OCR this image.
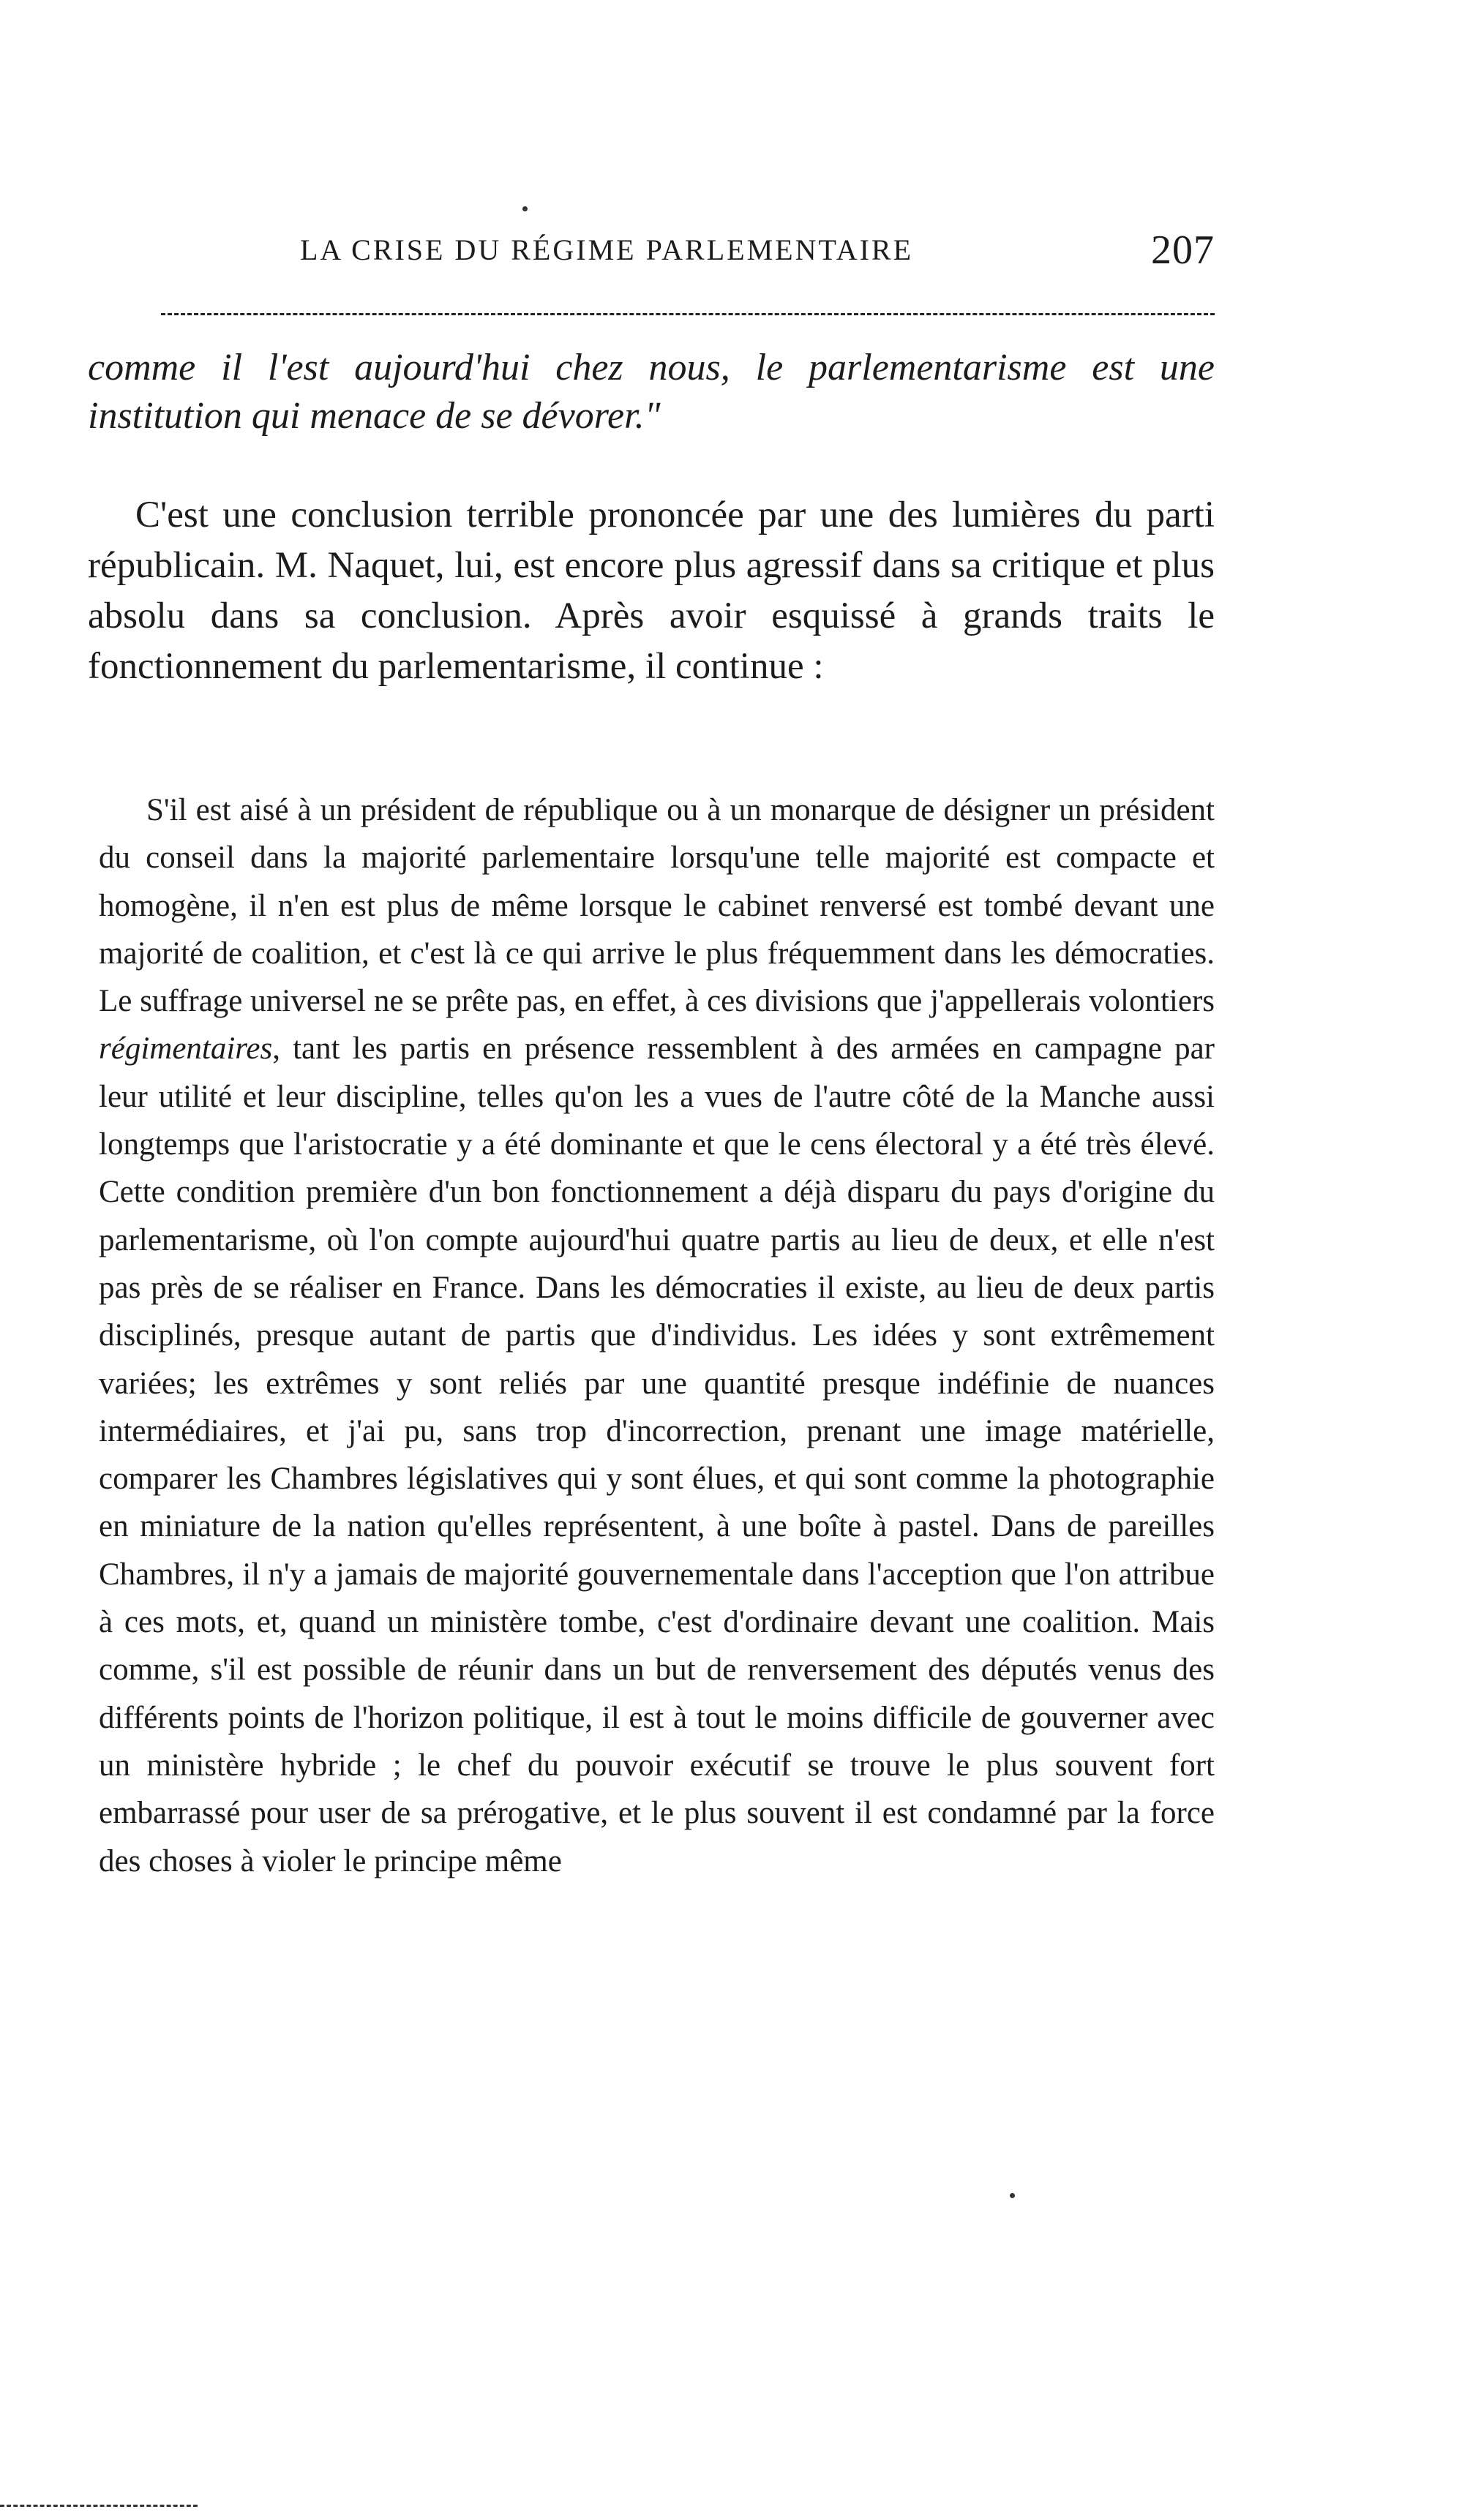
LA CRISE DU RÉGIME PARLEMENTAIRE	207
comme il l'est aujourd'hui chez nous, le parlementarisme est une institution qui menace de se dévorer."

C'est une conclusion terrible prononcée par une des lumières du parti républicain. M. Naquet, lui, est encore plus agressif dans sa critique et plus absolu dans sa conclusion. Après avoir esquissé à grands traits le fonctionnement du parlementarisme, il continue :

S'il est aisé à un président de république ou à un monarque de désigner un président du conseil dans la majorité parlementaire lorsqu'une telle majorité est compacte et homogène, il n'en est plus de même lorsque le cabinet renversé est tombé devant une majorité de coalition, et c'est là ce qui arrive le plus fréquemment dans les démocraties. Le suffrage universel ne se prête pas, en effet, à ces divisions que j'appellerais volontiers régimentaires, tant les partis en présence ressemblent à des armées en campagne par leur utilité et leur discipline, telles qu'on les a vues de l'autre côté de la Manche aussi longtemps que l'aristocratie y a été dominante et que le cens électoral y a été très élevé. Cette condition première d'un bon fonctionnement a déjà disparu du pays d'origine du parlementarisme, où l'on compte aujourd'hui quatre partis au lieu de deux, et elle n'est pas près de se réaliser en France. Dans les démocraties il existe, au lieu de deux partis disciplinés, presque autant de partis que d'individus. Les idées y sont extrêmement variées; les extrêmes y sont reliés par une quantité presque indéfinie de nuances intermédiaires, et j'ai pu, sans trop d'incorrection, prenant une image matérielle, comparer les Chambres législatives qui y sont élues, et qui sont comme la photographie en miniature de la nation qu'elles représentent, à une boîte à pastel. Dans de pareilles Chambres, il n'y a jamais de majorité gouvernementale dans l'acception que l'on attribue à ces mots, et, quand un ministère tombe, c'est d'ordinaire devant une coalition. Mais comme, s'il est possible de réunir dans un but de renversement des députés venus des différents points de l'horizon politique, il est à tout le moins difficile de gouverner avec un ministère hybride ; le chef du pouvoir exécutif se trouve le plus souvent fort embarrassé pour user de sa prérogative, et le plus souvent il est condamné par la force des choses à violer le principe même
